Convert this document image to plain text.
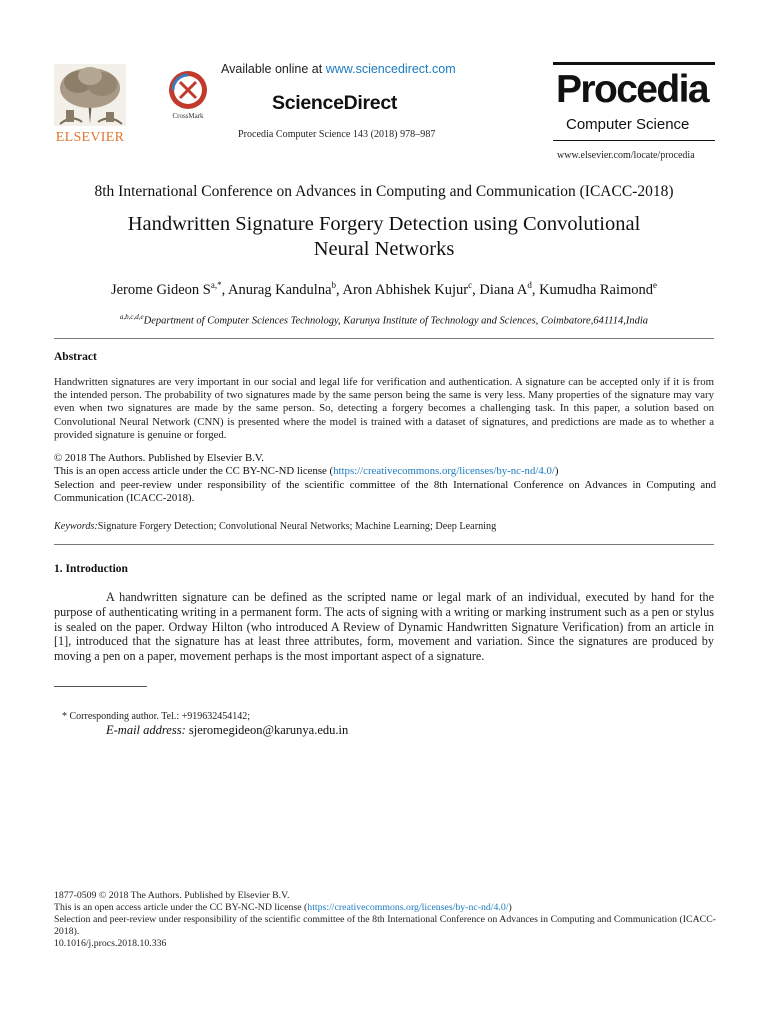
ELSEVIER
CrossMark
Available online at www.sciencedirect.com
ScienceDirect
Procedia Computer Science 143 (2018) 978–987
Procedia
Computer Science
www.elsevier.com/locate/procedia
8th International Conference on Advances in Computing and Communication (ICACC-2018)
Handwritten Signature Forgery Detection using Convolutional
Neural Networks
Jerome Gideon $S^{a,*}$, Anurag Kandulna$^b$, Aron Abhishek Kujur$^c$, Diana $A^d$, Kumudha Raimond$^e$
$^{a,b,c,d,e}$Department of Computer Sciences Technology, Karunya Institute of Technology and Sciences, Coimbatore,641114,India
Abstract
Handwritten signatures are very important in our social and legal life for verification and authentication. A signature can be accepted only if it is from the intended person. The probability of two signatures made by the same person being the same is very less. Many properties of the signature may vary even when two signatures are made by the same person. So, detecting a forgery becomes a challenging task. In this paper, a solution based on Convolutional Neural Network (CNN) is presented where the model is trained with a dataset of signatures, and predictions are made as to whether a provided signature is genuine or forged.
© 2018 The Authors. Published by Elsevier B.V.
This is an open access article under the CC BY-NC-ND license (https://creativecommons.org/licenses/by-nc-nd/4.0/)
Selection and peer-review under responsibility of the scientific committee of the 8th International Conference on Advances in Computing and Communication (ICACC-2018).
Keywords:Signature Forgery Detection; Convolutional Neural Networks; Machine Learning; Deep Learning
1. Introduction
A handwritten signature can be defined as the scripted name or legal mark of an individual, executed by hand for the purpose of authenticating writing in a permanent form. The acts of signing with a writing or marking instrument such as a pen or stylus is sealed on the paper. Ordway Hilton (who introduced A Review of Dynamic Handwritten Signature Verification) from an article in [1], introduced that the signature has at least three attributes, form, movement and variation. Since the signatures are produced by moving a pen on a paper, movement perhaps is the most important aspect of a signature.
* Corresponding author. Tel.: +919632454142;
E-mail address: sjeromegideon@karunya.edu.in
1877-0509 © 2018 The Authors. Published by Elsevier B.V.
This is an open access article under the CC BY-NC-ND license (https://creativecommons.org/licenses/by-nc-nd/4.0/)
Selection and peer-review under responsibility of the scientific committee of the 8th International Conference on Advances in Computing and Communication (ICACC-2018).
10.1016/j.procs.2018.10.336
